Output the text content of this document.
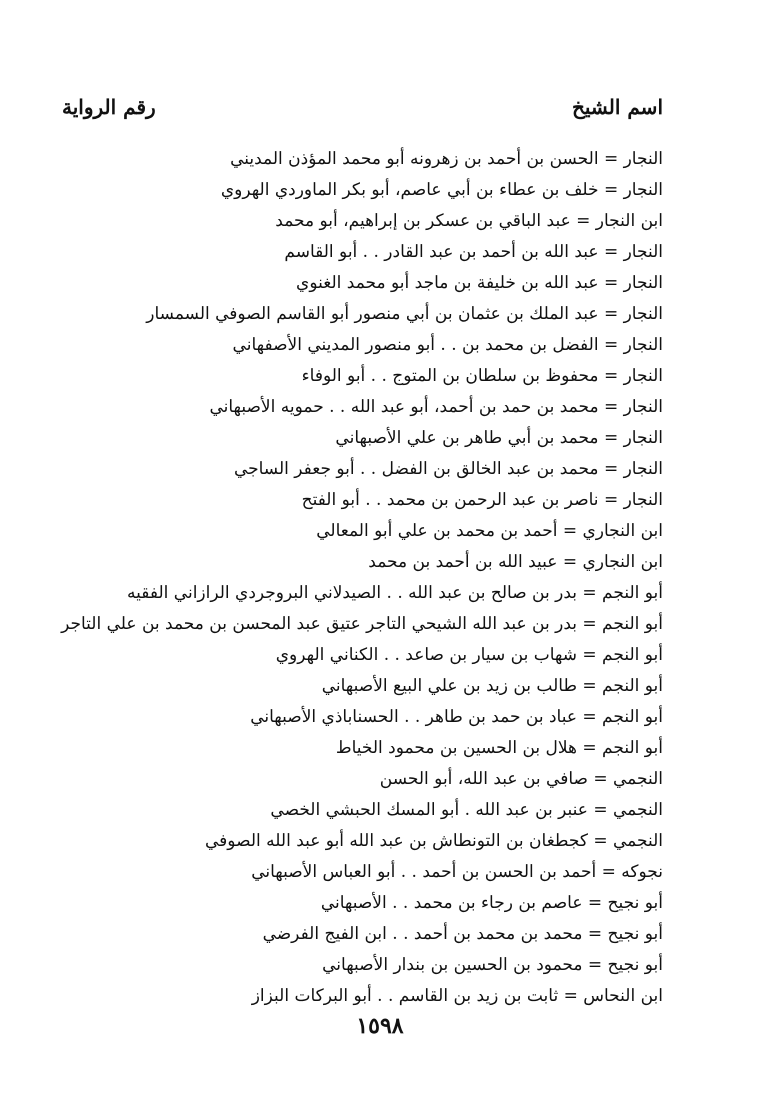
اسم الشيخ
رقم الرواية
النجار = الحسن بن أحمد بن زهرونه أبو محمد المؤذن المديني
النجار = خلف بن عطاء بن أبي عاصم، أبو بكر الماوردي الهروي
ابن النجار = عبد الباقي بن عسكر بن إبراهيم، أبو محمد
النجار = عبد الله بن أحمد بن عبد القادر . . أبو القاسم
النجار = عبد الله بن خليفة بن ماجد أبو محمد الغنوي
النجار = عبد الملك بن عثمان بن أبي منصور أبو القاسم الصوفي السمسار
النجار = الفضل بن محمد بن . . أبو منصور المديني الأصفهاني
النجار = محفوظ بن سلطان بن المتوج . . أبو الوفاء
النجار = محمد بن حمد بن أحمد، أبو عبد الله . . حمويه الأصبهاني
النجار = محمد بن أبي طاهر بن علي الأصبهاني
النجار = محمد بن عبد الخالق بن الفضل . . أبو جعفر الساجي
النجار = ناصر بن عبد الرحمن بن محمد . . أبو الفتح
ابن النجاري = أحمد بن محمد بن علي أبو المعالي
ابن النجاري = عبيد الله بن أحمد بن محمد
أبو النجم = بدر بن صالح بن عبد الله . . الصيدلاني البروجردي الرازاني الفقيه
أبو النجم = بدر بن عبد الله الشيحي التاجر عتيق عبد المحسن بن محمد بن علي التاجر
أبو النجم = شهاب بن سيار بن صاعد . . الكناني الهروي
أبو النجم = طالب بن زيد بن علي البيع الأصبهاني
أبو النجم = عباد بن حمد بن طاهر . . الحسناباذي الأصبهاني
أبو النجم = هلال بن الحسين بن محمود الخياط
النجمي = صافي بن عبد الله، أبو الحسن
النجمي = عنبر بن عبد الله . أبو المسك الحبشي الخصي
النجمي = كجطغان بن التونطاش بن عبد الله أبو عبد الله الصوفي
نجوكه = أحمد بن الحسن بن أحمد . . أبو العباس الأصبهاني
أبو نجيح = عاصم بن رجاء بن محمد . . الأصبهاني
أبو نجيح = محمد بن محمد بن أحمد . . ابن الفيج الفرضي
أبو نجيح = محمود بن الحسين بن بندار الأصبهاني
ابن النحاس = ثابت بن زيد بن القاسم . . أبو البركات البزاز
١٥٩٨
